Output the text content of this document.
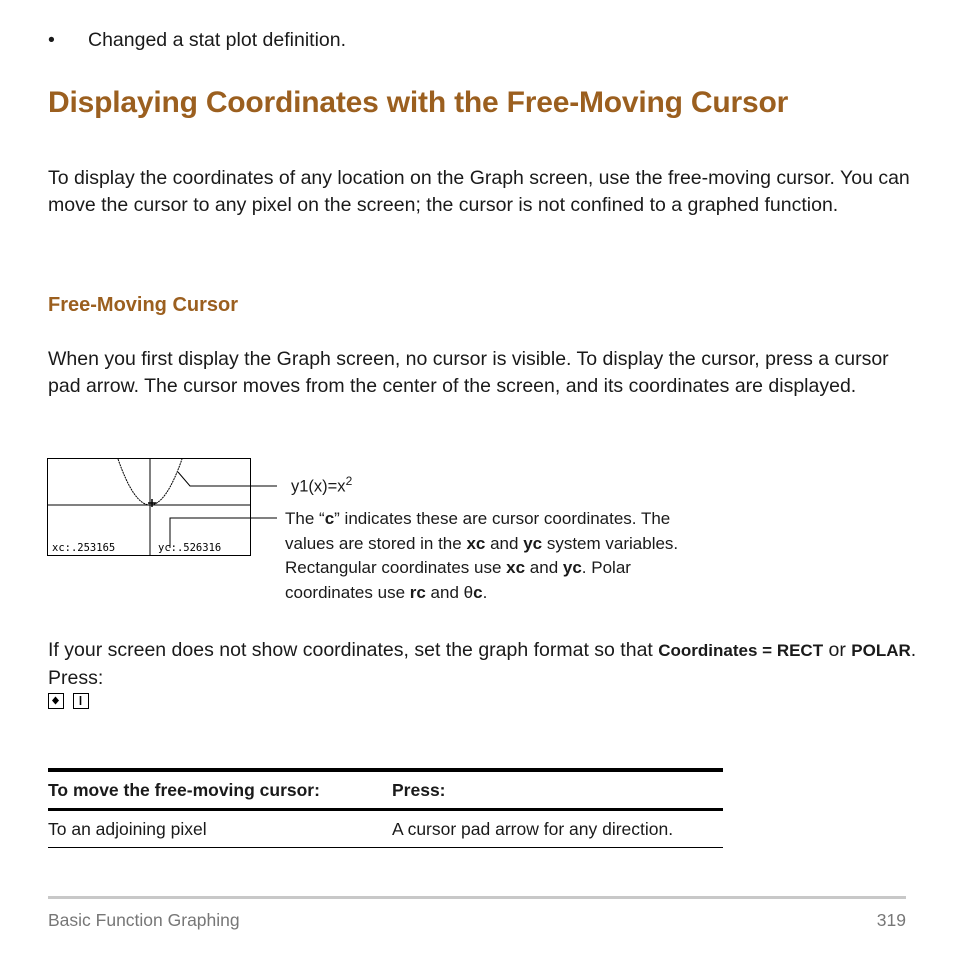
• Changed a stat plot definition.
Displaying Coordinates with the Free-Moving Cursor
To display the coordinates of any location on the Graph screen, use the free-moving cursor. You can move the cursor to any pixel on the screen; the cursor is not confined to a graphed function.
Free-Moving Cursor
When you first display the Graph screen, no cursor is visible. To display the cursor, press a cursor pad arrow. The cursor moves from the center of the screen, and its coordinates are displayed.
xc:.253165	yc:.526316
$y1(x)=x^2$
The “c” indicates these are cursor coordinates. The values are stored in the xc and yc system variables. Rectangular coordinates use xc and yc. Polar coordinates use rc and θc.
If your screen does not show coordinates, set the graph format so that Coordinates = RECT or POLAR. Press:

To move the free-moving cursor:	Press:
To an adjoining pixel	A cursor pad arrow for any direction.
Basic Function Graphing	319
